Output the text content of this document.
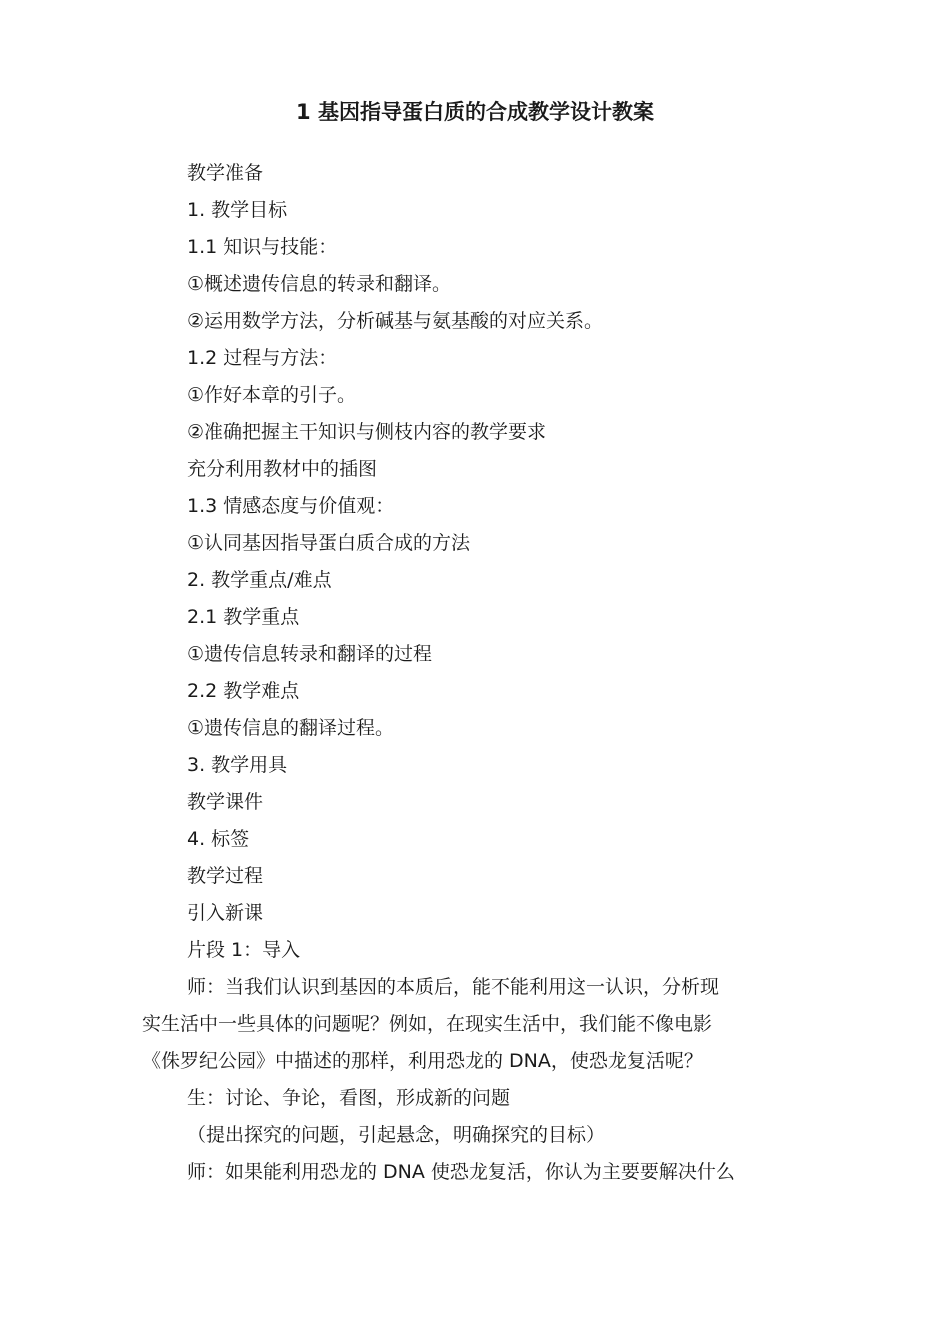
1 基因指导蛋白质的合成教学设计教案

教学准备

1. 教学目标

1.1 知识与技能：

①概述遗传信息的转录和翻译。

②运用数学方法，分析碱基与氨基酸的对应关系。

1.2 过程与方法：

①作好本章的引子。

②准确把握主干知识与侧枝内容的教学要求

充分利用教材中的插图

1.3 情感态度与价值观：

①认同基因指导蛋白质合成的方法

2. 教学重点/难点

2.1 教学重点

①遗传信息转录和翻译的过程

2.2 教学难点

①遗传信息的翻译过程。

3. 教学用具

教学课件

4. 标签

教学过程

引入新课

片段 1：导入

师：当我们认识到基因的本质后，能不能利用这一认识，分析现

实生活中一些具体的问题呢？例如，在现实生活中，我们能不像电影

《侏罗纪公园》中描述的那样，利用恐龙的 DNA，使恐龙复活呢？

生：讨论、争论，看图，形成新的问题

（提出探究的问题，引起悬念，明确探究的目标）

师：如果能利用恐龙的 DNA 使恐龙复活，你认为主要要解决什么
